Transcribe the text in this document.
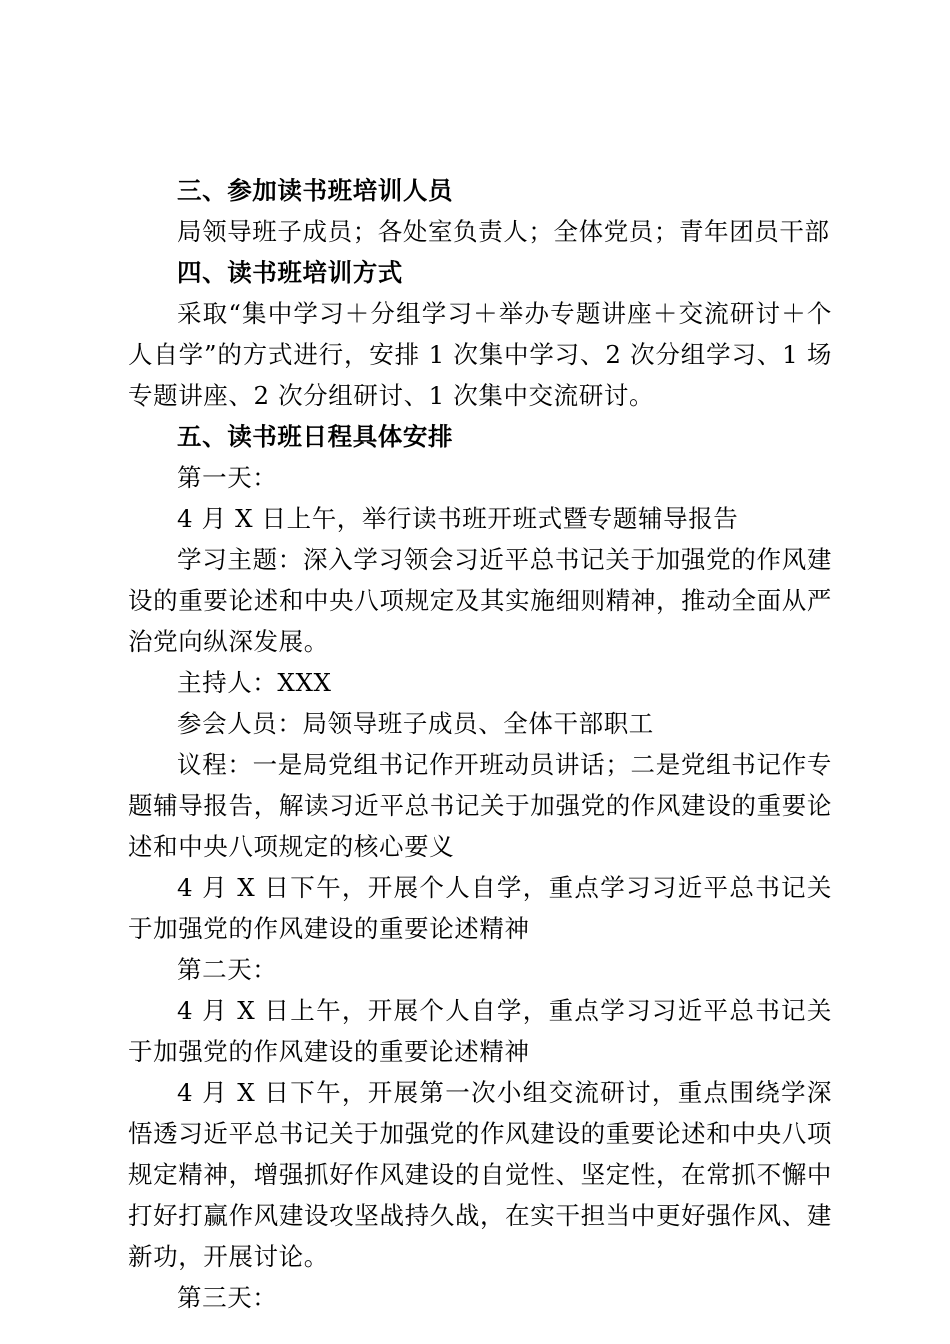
三、参加读书班培训人员

局领导班子成员；各处室负责人；全体党员；青年团员干部

四、读书班培训方式

采取“集中学习＋分组学习＋举办专题讲座＋交流研讨＋个人自学”的方式进行，安排 1 次集中学习、2 次分组学习、1 场专题讲座、2 次分组研讨、1 次集中交流研讨。

五、读书班日程具体安排

第一天：

4 月 X 日上午，举行读书班开班式暨专题辅导报告

学习主题：深入学习领会习近平总书记关于加强党的作风建设的重要论述和中央八项规定及其实施细则精神，推动全面从严治党向纵深发展。

主持人：XXX

参会人员：局领导班子成员、全体干部职工

议程：一是局党组书记作开班动员讲话；二是党组书记作专题辅导报告，解读习近平总书记关于加强党的作风建设的重要论述和中央八项规定的核心要义

4 月 X 日下午，开展个人自学，重点学习习近平总书记关于加强党的作风建设的重要论述精神

第二天：

4 月 X 日上午，开展个人自学，重点学习习近平总书记关于加强党的作风建设的重要论述精神

4 月 X 日下午，开展第一次小组交流研讨，重点围绕学深悟透习近平总书记关于加强党的作风建设的重要论述和中央八项规定精神，增强抓好作风建设的自觉性、坚定性，在常抓不懈中打好打赢作风建设攻坚战持久战，在实干担当中更好强作风、建新功，开展讨论。

第三天：
